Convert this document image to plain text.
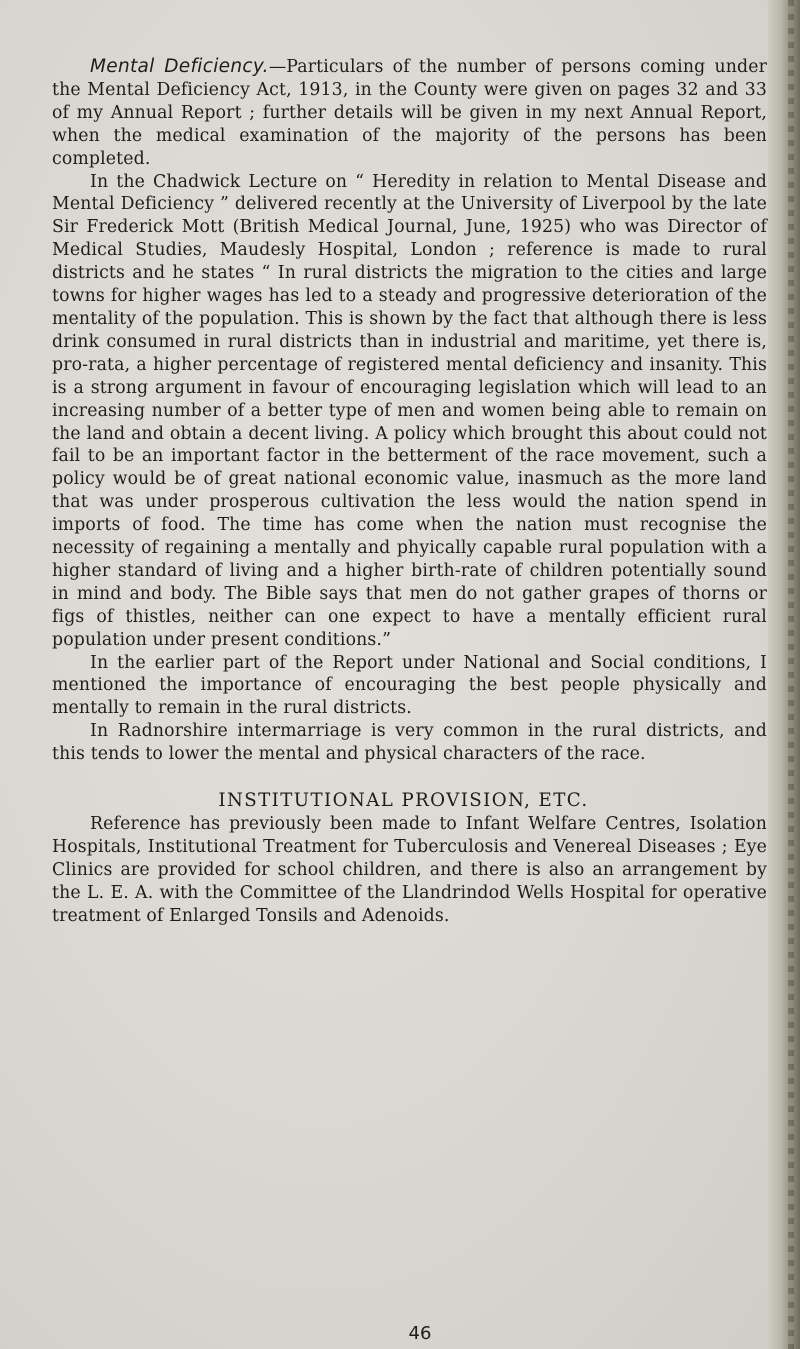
Mental Deficiency.—Particulars of the number of persons coming under the Mental Deficiency Act, 1913, in the County were given on pages 32 and 33 of my Annual Report ; further details will be given in my next Annual Report, when the medical examination of the majority of the persons has been completed.

In the Chadwick Lecture on “ Heredity in relation to Mental Disease and Mental Deficiency ” delivered recently at the University of Liverpool by the late Sir Frederick Mott (British Medical Journal, June, 1925) who was Director of Medical Studies, Maudesly Hospital, London ; reference is made to rural districts and he states “ In rural districts the migration to the cities and large towns for higher wages has led to a steady and progressive deterioration of the mentality of the population. This is shown by the fact that although there is less drink consumed in rural districts than in industrial and maritime, yet there is, pro-rata, a higher percentage of registered mental deficiency and insanity. This is a strong argument in favour of encouraging legislation which will lead to an increasing number of a better type of men and women being able to remain on the land and obtain a decent living. A policy which brought this about could not fail to be an important factor in the betterment of the race movement, such a policy would be of great national economic value, inasmuch as the more land that was under prosperous cultivation the less would the nation spend in imports of food. The time has come when the nation must recognise the necessity of regaining a mentally and phyically capable rural population with a higher standard of living and a higher birth-rate of children potentially sound in mind and body. The Bible says that men do not gather grapes of thorns or figs of thistles, neither can one expect to have a mentally efficient rural population under present conditions.”

In the earlier part of the Report under National and Social conditions, I mentioned the importance of encouraging the best people physically and mentally to remain in the rural districts.

In Radnorshire intermarriage is very common in the rural districts, and this tends to lower the mental and physical characters of the race.

INSTITUTIONAL PROVISION, ETC.

Reference has previously been made to Infant Welfare Centres, Isolation Hospitals, Institutional Treatment for Tuberculosis and Venereal Diseases ; Eye Clinics are provided for school children, and there is also an arrangement by the L. E. A. with the Committee of the Llandrindod Wells Hospital for operative treatment of Enlarged Tonsils and Adenoids.

46
